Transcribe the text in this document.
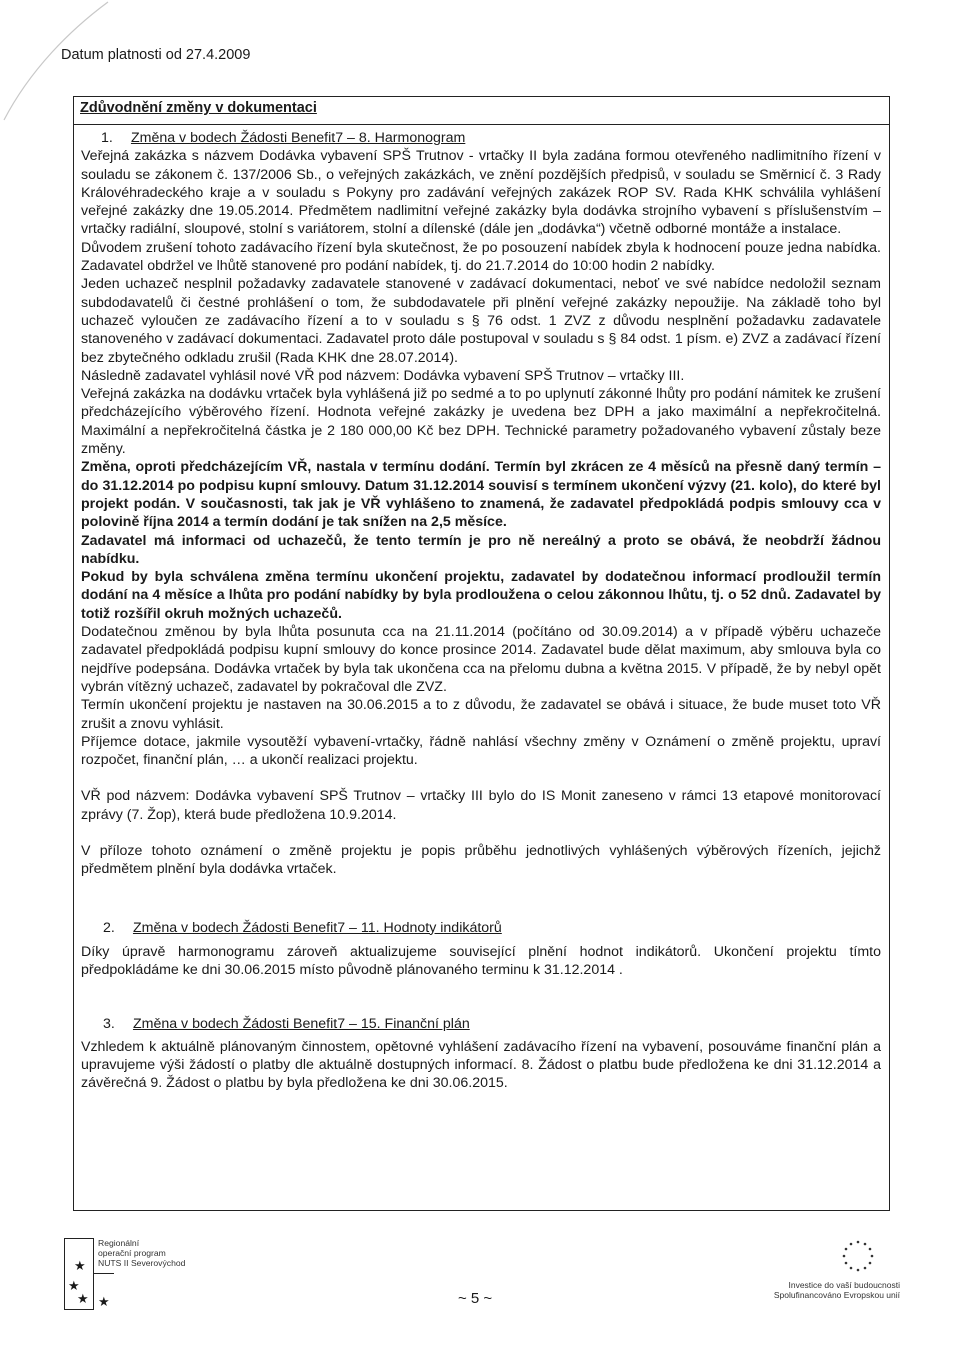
Datum platnosti od 27.4.2009
Zdůvodnění změny v dokumentaci

1. Změna v bodech Žádosti Benefit7 – 8. Harmonogram

Veřejná zakázka s názvem Dodávka vybavení SPŠ Trutnov - vrtačky II byla zadána formou otevřeného nadlimitního řízení v souladu se zákonem č. 137/2006 Sb., o veřejných zakázkách, ve znění pozdějších předpisů, v souladu se Směrnicí č. 3 Rady Královéhradeckého kraje a v souladu s Pokyny pro zadávání veřejných zakázek ROP SV. Rada KHK schválila vyhlášení veřejné zakázky dne 19.05.2014. Předmětem nadlimitní veřejné zakázky byla dodávka strojního vybavení s příslušenstvím – vrtačky radiální, sloupové, stolní s variátorem, stolní a dílenské (dále jen „dodávka“) včetně odborné montáže a instalace.

Důvodem zrušení tohoto zadávacího řízení byla skutečnost, že po posouzení nabídek zbyla k hodnocení pouze jedna nabídka. Zadavatel obdržel ve lhůtě stanovené pro podání nabídek, tj. do 21.7.2014 do 10:00 hodin 2 nabídky.

Jeden uchazeč nesplnil požadavky zadavatele stanovené v zadávací dokumentaci, neboť ve své nabídce nedoložil seznam subdodavatelů či čestné prohlášení o tom, že subdodavatele při plnění veřejné zakázky nepoužije. Na základě toho byl uchazeč vyloučen ze zadávacího řízení a to v souladu s § 76 odst. 1 ZVZ z důvodu nesplnění požadavku zadavatele stanoveného v zadávací dokumentaci. Zadavatel proto dále postupoval v souladu s § 84 odst. 1 písm. e) ZVZ a zadávací řízení bez zbytečného odkladu zrušil (Rada KHK dne 28.07.2014).

Následně zadavatel vyhlásil nové VŘ pod názvem: Dodávka vybavení SPŠ Trutnov – vrtačky III.

Veřejná zakázka na dodávku vrtaček byla vyhlášená již po sedmé a to po uplynutí zákonné lhůty pro podání námitek ke zrušení předcházejícího výběrového řízení. Hodnota veřejné zakázky je uvedena bez DPH a jako maximální a nepřekročitelná. Maximální a nepřekročitelná částka je 2 180 000,00 Kč bez DPH. Technické parametry požadovaného vybavení zůstaly beze změny.

Změna, oproti předcházejícím VŘ, nastala v termínu dodání. Termín byl zkrácen ze 4 měsíců na přesně daný termín – do 31.12.2014 po podpisu kupní smlouvy. Datum 31.12.2014 souvisí s termínem ukončení výzvy (21. kolo), do které byl projekt podán. V současnosti, tak jak je VŘ vyhlášeno to znamená, že zadavatel předpokládá podpis smlouvy cca v polovině října 2014 a termín dodání je tak snížen na 2,5 měsíce.

Zadavatel má informaci od uchazečů, že tento termín je pro ně nereálný a proto se obává, že neobdrží žádnou nabídku.

Pokud by byla schválena změna termínu ukončení projektu, zadavatel by dodatečnou informací prodloužil termín dodání na 4 měsíce a lhůta pro podání nabídky by byla prodloužena o celou zákonnou lhůtu, tj. o 52 dnů. Zadavatel by totiž rozšířil okruh možných uchazečů.

Dodatečnou změnou by byla lhůta posunuta cca na 21.11.2014 (počítáno od 30.09.2014) a v případě výběru uchazeče zadavatel předpokládá podpisu kupní smlouvy do konce prosince 2014. Zadavatel bude dělat maximum, aby smlouva byla co nejdříve podepsána. Dodávka vrtaček by byla tak ukončena cca na přelomu dubna a května 2015. V případě, že by nebyl opět vybrán vítězný uchazeč, zadavatel by pokračoval dle ZVZ.

Termín ukončení projektu je nastaven na 30.06.2015 a to z důvodu, že zadavatel se obává i situace, že bude muset toto VŘ zrušit a znovu vyhlásit.

Příjemce dotace, jakmile vysoutěží vybavení-vrtačky, řádně nahlásí všechny změny v Oznámení o změně projektu, upraví rozpočet, finanční plán, … a ukončí realizaci projektu.

VŘ pod názvem: Dodávka vybavení SPŠ Trutnov – vrtačky III bylo do IS Monit zaneseno v rámci 13 etapové monitorovací zprávy (7. Žop), která bude předložena 10.9.2014.

V příloze tohoto oznámení o změně projektu je popis průběhu jednotlivých vyhlášených výběrových řízeních, jejichž předmětem plnění byla dodávka vrtaček.

2. Změna v bodech Žádosti Benefit7 – 11. Hodnoty indikátorů

Díky úpravě harmonogramu zároveň aktualizujeme související plnění hodnot indikátorů. Ukončení projektu tímto předpokládáme ke dni 30.06.2015 místo původně plánovaného terminu k 31.12.2014 .

3. Změna v bodech Žádosti Benefit7 – 15. Finanční plán

Vzhledem k aktuálně plánovaným činnostem, opětovné vyhlášení zadávacího řízení na vybavení, posouváme finanční plán a upravujeme výši žádostí o platby dle aktuálně dostupných informací. 8. Žádost o platbu bude předložena ke dni 31.12.2014 a závěrečná 9. Žádost o platbu by byla předložena ke dni 30.06.2015.

★
★
★ ★
Regionální
operační program
NUTS II Severovýchod
~ 5 ~
Investice do vaší budoucnosti
Spolufinancováno Evropskou unií
